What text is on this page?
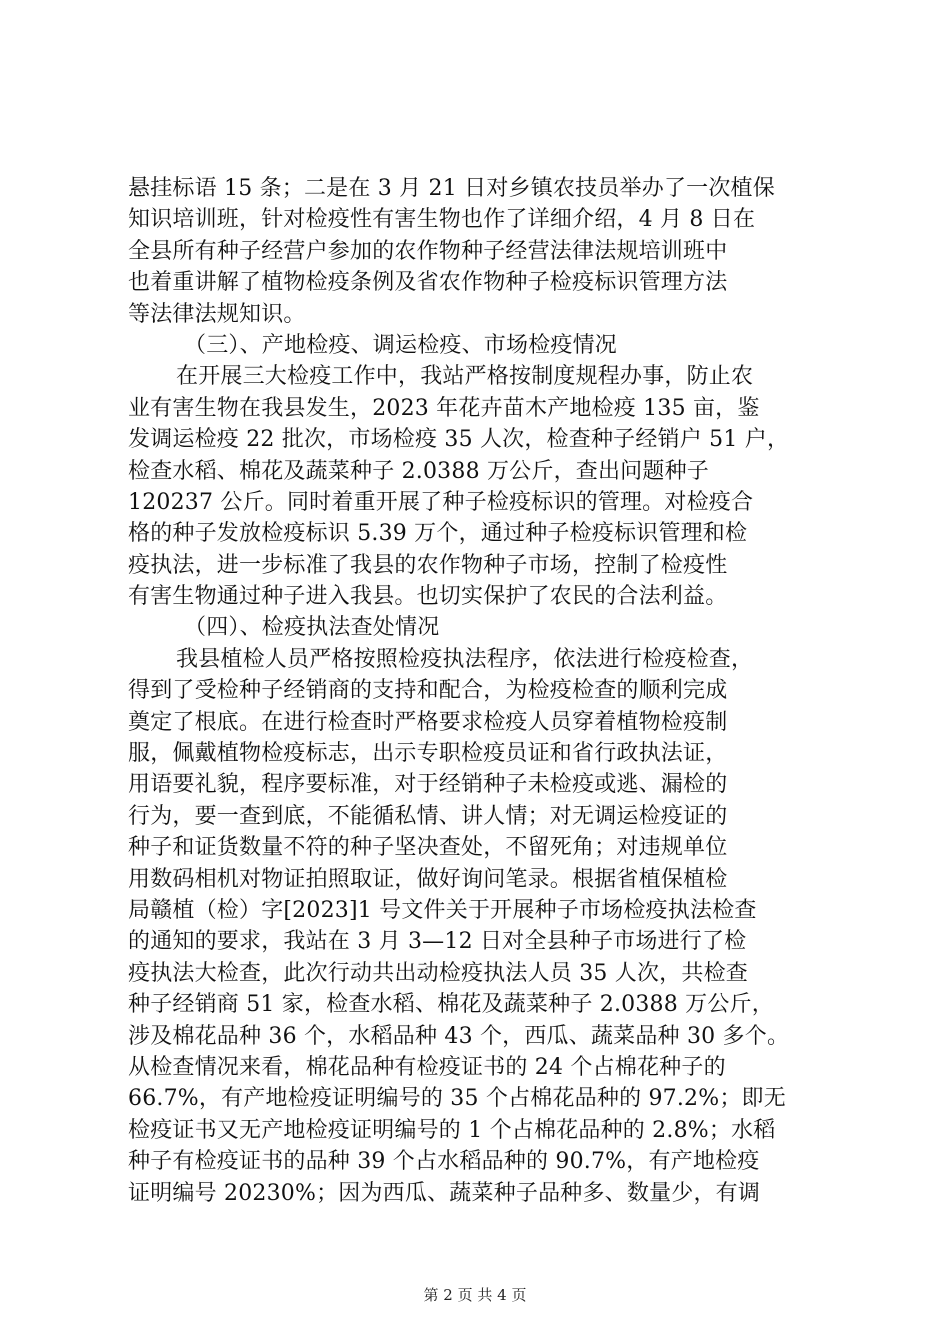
悬挂标语 15 条；二是在 3 月 21 日对乡镇农技员举办了一次植保
知识培训班，针对检疫性有害生物也作了详细介绍，4 月 8 日在
全县所有种子经营户参加的农作物种子经营法律法规培训班中
也着重讲解了植物检疫条例及省农作物种子检疫标识管理方法
等法律法规知识。
（三）、产地检疫、调运检疫、市场检疫情况
在开展三大检疫工作中，我站严格按制度规程办事，防止农
业有害生物在我县发生，2023 年花卉苗木产地检疫 135 亩，鉴
发调运检疫 22 批次，市场检疫 35 人次，检查种子经销户 51 户，
检查水稻、棉花及蔬菜种子 2.0388 万公斤，查出问题种子
120237 公斤。同时着重开展了种子检疫标识的管理。对检疫合
格的种子发放检疫标识 5.39 万个，通过种子检疫标识管理和检
疫执法，进一步标准了我县的农作物种子市场，控制了检疫性
有害生物通过种子进入我县。也切实保护了农民的合法利益。
（四）、检疫执法查处情况
我县植检人员严格按照检疫执法程序，依法进行检疫检查，
得到了受检种子经销商的支持和配合，为检疫检查的顺利完成
奠定了根底。在进行检查时严格要求检疫人员穿着植物检疫制
服，佩戴植物检疫标志，出示专职检疫员证和省行政执法证，
用语要礼貌，程序要标准，对于经销种子未检疫或逃、漏检的
行为，要一查到底，不能循私情、讲人情；对无调运检疫证的
种子和证货数量不符的种子坚决查处，不留死角；对违规单位
用数码相机对物证拍照取证，做好询问笔录。根据省植保植检
局赣植（检）字[2023]1 号文件关于开展种子市场检疫执法检查
的通知的要求，我站在 3 月 3—12 日对全县种子市场进行了检
疫执法大检查，此次行动共出动检疫执法人员 35 人次，共检查
种子经销商 51 家，检查水稻、棉花及蔬菜种子 2.0388 万公斤，
涉及棉花品种 36 个，水稻品种 43 个，西瓜、蔬菜品种 30 多个。
从检查情况来看，棉花品种有检疫证书的 24 个占棉花种子的
66.7%，有产地检疫证明编号的 35 个占棉花品种的 97.2%；即无
检疫证书又无产地检疫证明编号的 1 个占棉花品种的 2.8%；水稻
种子有检疫证书的品种 39 个占水稻品种的 90.7%，有产地检疫
证明编号 20230%；因为西瓜、蔬菜种子品种多、数量少，有调
第 2 页 共 4 页
